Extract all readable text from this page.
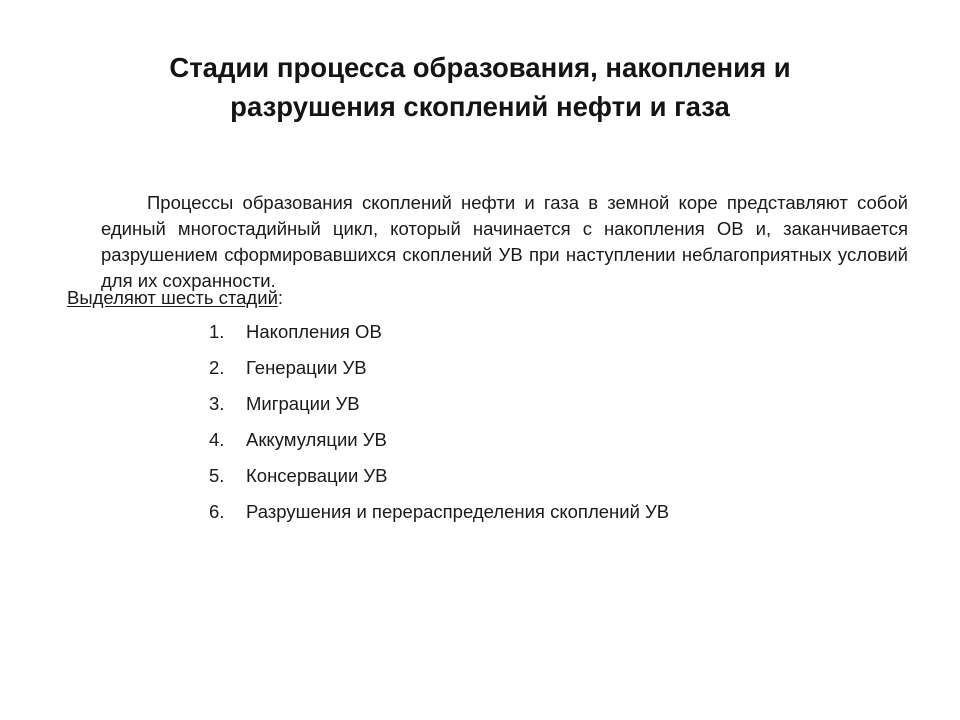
Стадии процесса образования, накопления и
разрушения скоплений нефти и газа

Процессы образования скоплений нефти и газа в земной коре представляют собой единый многостадийный цикл, который начинается с накопления ОВ и, заканчивается разрушением сформировавшихся скоплений УВ при наступлении неблагоприятных условий для их сохранности.

Выделяют шесть стадий:
1. Накопления ОВ
2. Генерации УВ
3. Миграции УВ
4. Аккумуляции УВ
5. Консервации УВ
6. Разрушения и перераспределения скоплений УВ
